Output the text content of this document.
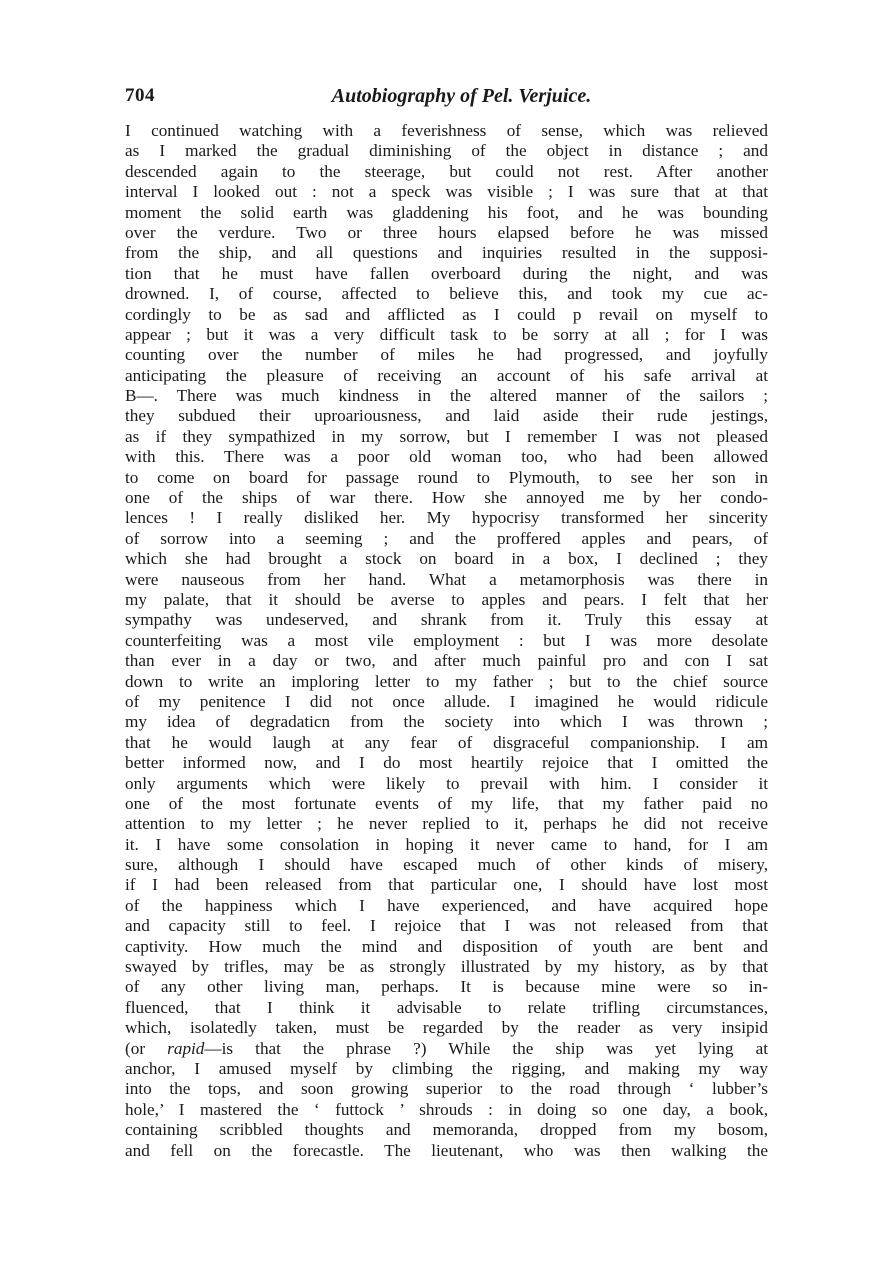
704	Autobiography of Pel. Verjuice.
I continued watching with a feverishness of sense, which was relieved
as I marked the gradual diminishing of the object in distance ; and
descended again to the steerage, but could not rest. After another
interval I looked out : not a speck was visible ; I was sure that at that
moment the solid earth was gladdening his foot, and he was bounding
over the verdure. Two or three hours elapsed before he was missed
from the ship, and all questions and inquiries resulted in the supposi-
tion that he must have fallen overboard during the night, and was
drowned. I, of course, affected to believe this, and took my cue ac-
cordingly to be as sad and afflicted as I could p revail on myself to
appear ; but it was a very difficult task to be sorry at all ; for I was
counting over the number of miles he had progressed, and joyfully
anticipating the pleasure of receiving an account of his safe arrival at
B—. There was much kindness in the altered manner of the sailors ;
they subdued their uproariousness, and laid aside their rude jestings,
as if they sympathized in my sorrow, but I remember I was not pleased
with this. There was a poor old woman too, who had been allowed
to come on board for passage round to Plymouth, to see her son in
one of the ships of war there. How she annoyed me by her condo-
lences ! I really disliked her. My hypocrisy transformed her sincerity
of sorrow into a seeming ; and the proffered apples and pears, of
which she had brought a stock on board in a box, I declined ; they
were nauseous from her hand. What a metamorphosis was there in
my palate, that it should be averse to apples and pears. I felt that her
sympathy was undeserved, and shrank from it. Truly this essay at
counterfeiting was a most vile employment : but I was more desolate
than ever in a day or two, and after much painful pro and con I sat
down to write an imploring letter to my father ; but to the chief source
of my penitence I did not once allude. I imagined he would ridicule
my idea of degradaticn from the society into which I was thrown ;
that he would laugh at any fear of disgraceful companionship. I am
better informed now, and I do most heartily rejoice that I omitted the
only arguments which were likely to prevail with him. I consider it
one of the most fortunate events of my life, that my father paid no
attention to my letter ; he never replied to it, perhaps he did not receive
it. I have some consolation in hoping it never came to hand, for I am
sure, although I should have escaped much of other kinds of misery,
if I had been released from that particular one, I should have lost most
of the happiness which I have experienced, and have acquired hope
and capacity still to feel. I rejoice that I was not released from that
captivity. How much the mind and disposition of youth are bent and
swayed by trifles, may be as strongly illustrated by my history, as by that
of any other living man, perhaps. It is because mine were so in-
fluenced, that I think it advisable to relate trifling circumstances,
which, isolatedly taken, must be regarded by the reader as very insipid
(or rapid—is that the phrase ?) While the ship was yet lying at
anchor, I amused myself by climbing the rigging, and making my way
into the tops, and soon growing superior to the road through ‘ lubber’s
hole,’ I mastered the ‘ futtock ’ shrouds : in doing so one day, a book,
containing scribbled thoughts and memoranda, dropped from my bosom,
and fell on the forecastle. The lieutenant, who was then walking the
